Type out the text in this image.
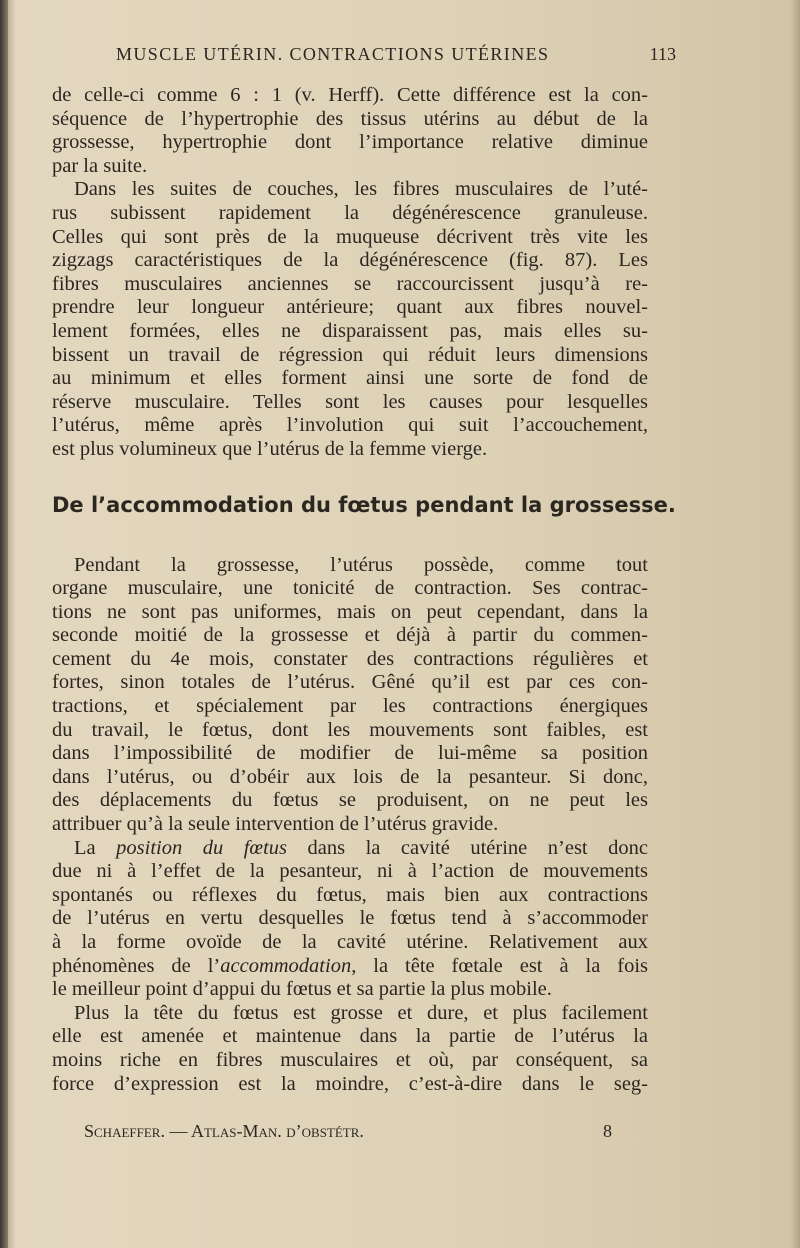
MUSCLE UTÉRIN. CONTRACTIONS UTÉRINES	113
de celle-ci comme 6 : 1 (v. Herff). Cette différence est la con-
séquence de l’hypertrophie des tissus utérins au début de la
grossesse, hypertrophie dont l’importance relative diminue
par la suite.
Dans les suites de couches, les fibres musculaires de l’uté-
rus subissent rapidement la dégénérescence granuleuse.
Celles qui sont près de la muqueuse décrivent très vite les
zigzags caractéristiques de la dégénérescence (fig. 87). Les
fibres musculaires anciennes se raccourcissent jusqu’à re-
prendre leur longueur antérieure; quant aux fibres nouvel-
lement formées, elles ne disparaissent pas, mais elles su-
bissent un travail de régression qui réduit leurs dimensions
au minimum et elles forment ainsi une sorte de fond de
réserve musculaire. Telles sont les causes pour lesquelles
l’utérus, même après l’involution qui suit l’accouchement,
est plus volumineux que l’utérus de la femme vierge.
De l’accommodation du fœtus pendant la grossesse.
Pendant la grossesse, l’utérus possède, comme tout
organe musculaire, une tonicité de contraction. Ses contrac-
tions ne sont pas uniformes, mais on peut cependant, dans la
seconde moitié de la grossesse et déjà à partir du commen-
cement du 4e mois, constater des contractions régulières et
fortes, sinon totales de l’utérus. Gêné qu’il est par ces con-
tractions, et spécialement par les contractions énergiques
du travail, le fœtus, dont les mouvements sont faibles, est
dans l’impossibilité de modifier de lui-même sa position
dans l’utérus, ou d’obéir aux lois de la pesanteur. Si donc,
des déplacements du fœtus se produisent, on ne peut les
attribuer qu’à la seule intervention de l’utérus gravide.
La position du fœtus dans la cavité utérine n’est donc
due ni à l’effet de la pesanteur, ni à l’action de mouvements
spontanés ou réflexes du fœtus, mais bien aux contractions
de l’utérus en vertu desquelles le fœtus tend à s’accommoder
à la forme ovoïde de la cavité utérine. Relativement aux
phénomènes de l’accommodation, la tête fœtale est à la fois
le meilleur point d’appui du fœtus et sa partie la plus mobile.
Plus la tête du fœtus est grosse et dure, et plus facilement
elle est amenée et maintenue dans la partie de l’utérus la
moins riche en fibres musculaires et où, par conséquent, sa
force d’expression est la moindre, c’est-à-dire dans le seg-
Schaeffer. — Atlas-Man. d’obstétr.	8
